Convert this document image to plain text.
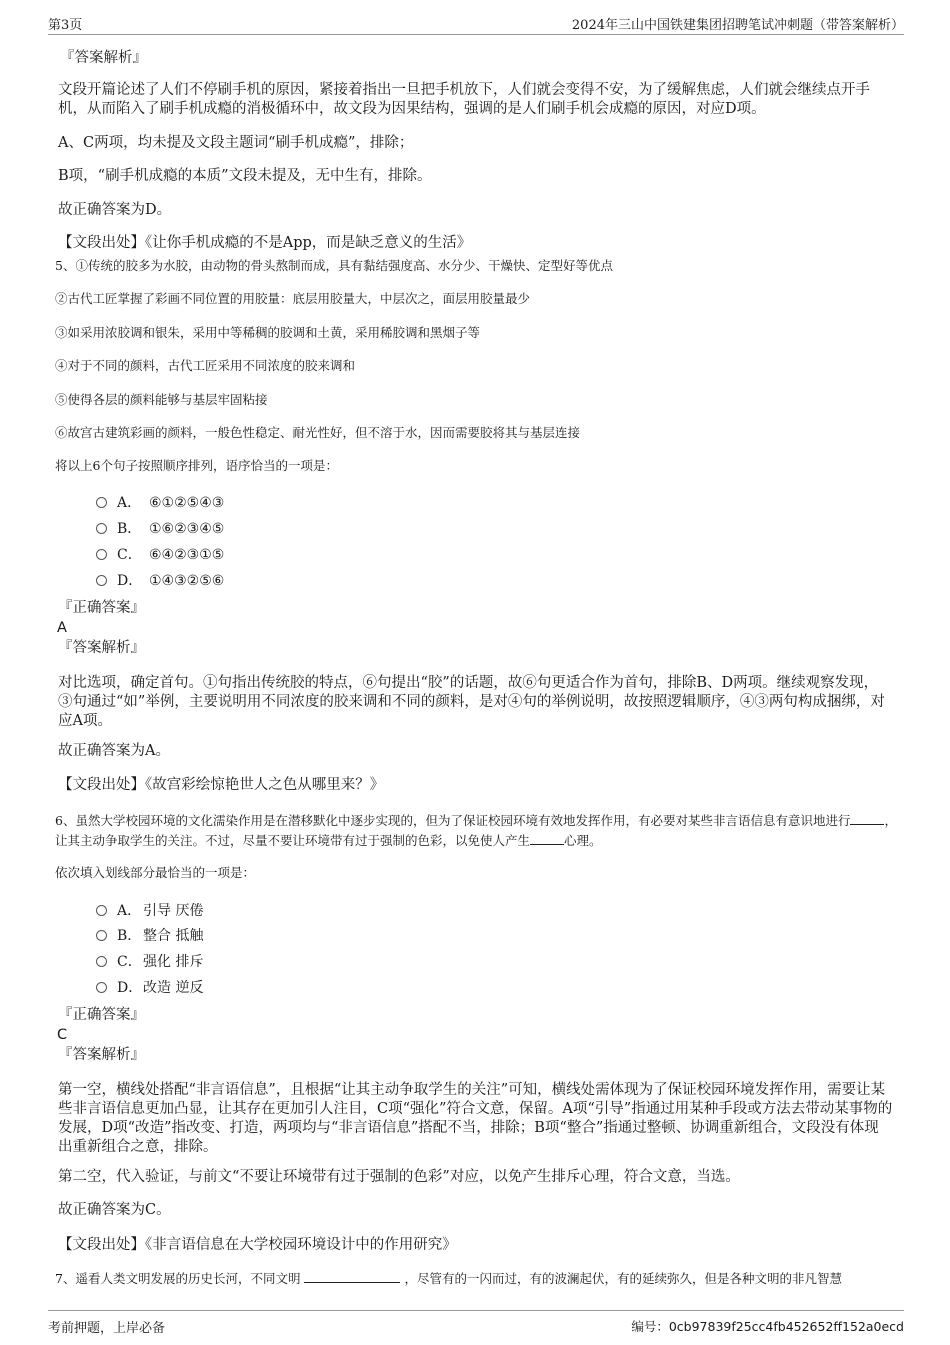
第3页	2024年三山中国铁建集团招聘笔试冲刺题（带答案解析）

『答案解析』

文段开篇论述了人们不停刷手机的原因，紧接着指出一旦把手机放下，人们就会变得不安，为了缓解焦虑，人们就会继续点开手机，从而陷入了刷手机成瘾的消极循环中，故文段为因果结构，强调的是人们刷手机会成瘾的原因，对应D项。

A、C两项，均未提及文段主题词“刷手机成瘾”，排除；

B项，“刷手机成瘾的本质”文段未提及，无中生有，排除。

故正确答案为D。

【文段出处】《让你手机成瘾的不是App，而是缺乏意义的生活》

5、①传统的胶多为水胶，由动物的骨头熬制而成，具有黏结强度高、水分少、干燥快、定型好等优点

②古代工匠掌握了彩画不同位置的用胶量：底层用胶量大，中层次之，面层用胶量最少

③如采用浓胶调和银朱，采用中等稀稠的胶调和土黄，采用稀胶调和黑烟子等

④对于不同的颜料，古代工匠采用不同浓度的胶来调和

⑤使得各层的颜料能够与基层牢固粘接

⑥故宫古建筑彩画的颜料，一般色性稳定、耐光性好，但不溶于水，因而需要胶将其与基层连接

将以上6个句子按照顺序排列，语序恰当的一项是：

A． ⑥①②⑤④③
B． ①⑥②③④⑤
C． ⑥④②③①⑤
D． ①④③②⑤⑥

『正确答案』

A

『答案解析』

对比选项，确定首句。①句指出传统胶的特点，⑥句提出“胶”的话题，故⑥句更适合作为首句，排除B、D两项。继续观察发现，③句通过“如”举例，主要说明用不同浓度的胶来调和不同的颜料，是对④句的举例说明，故按照逻辑顺序，④③两句构成捆绑，对应A项。

故正确答案为A。

【文段出处】《故宫彩绘惊艳世人之色从哪里来？》

6、虽然大学校园环境的文化濡染作用是在潜移默化中逐步实现的，但为了保证校园环境有效地发挥作用，有必要对某些非言语信息有意识地进行	，让其主动争取学生的关注。不过，尽量不要让环境带有过于强制的色彩，以免使人产生	心理。

依次填入划线部分最恰当的一项是：

A． 引导 厌倦
B． 整合 抵触
C．强化 排斥
D．改造 逆反

『正确答案』

C

『答案解析』

第一空，横线处搭配“非言语信息”，且根据“让其主动争取学生的关注”可知，横线处需体现为了保证校园环境发挥作用，需要让某些非言语信息更加凸显，让其存在更加引人注目，C项“强化”符合文意，保留。A项“引导”指通过用某种手段或方法去带动某事物的发展，D项“改造”指改变、打造，两项均与“非言语信息”搭配不当，排除；B项“整合”指通过整顿、协调重新组合，文段没有体现出重新组合之意，排除。

第二空，代入验证，与前文“不要让环境带有过于强制的色彩”对应，以免产生排斥心理，符合文意，当选。

故正确答案为C。

【文段出处】《非言语信息在大学校园环境设计中的作用研究》

7、遥看人类文明发展的历史长河，不同文明	，尽管有的一闪而过，有的波澜起伏，有的延续弥久，但是各种文明的非凡智慧

考前押题，上岸必备	编号：0cb97839f25cc4fb452652ff152a0ecd
